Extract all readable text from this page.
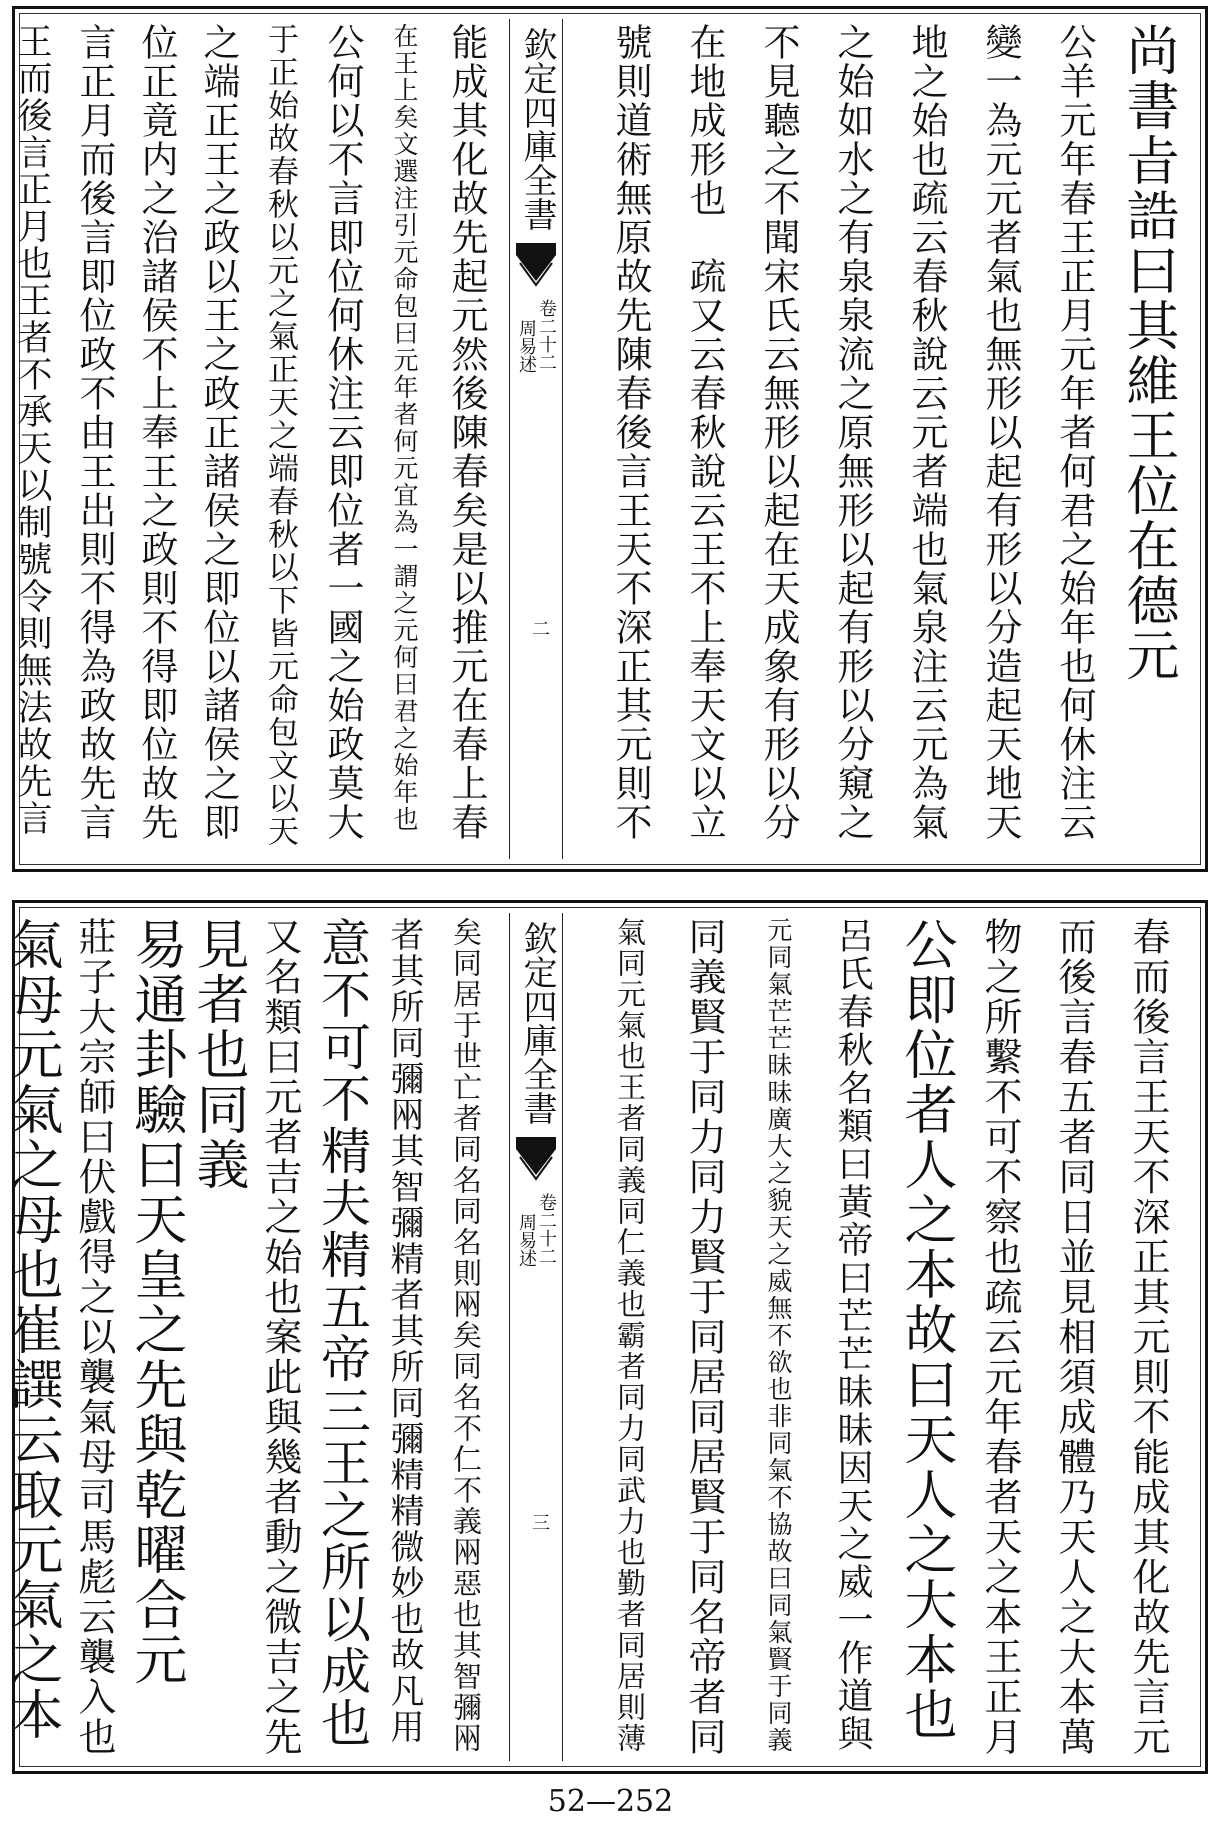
欽定四庫全書
周易述 卷二十二
二	尚書㫖誥曰其維王位在德元
公羊元年春王正月元年者何君之始年也何休注云
變一為元元者氣也無形以起有形以分造起天地天
地之始也疏云春秋說云元者端也氣泉注云元為氣
之始如水之有泉泉流之原無形以起有形以分窺之
不見聽之不聞宋氏云無形以起在天成象有形以分
在地成形也　疏又云春秋說云王不上奉天文以立
號則道術無原故先陳春後言王天不深正其元則不
能成其化故先起元然後陳春矣是以推元在春上春
在王上矣文選注引元命包曰元年者何元宜為一謂之元何曰君之始年也
公何以不言即位何休注云即位者一國之始政莫大
于正始故春秋以元之氣正天之端春秋以下皆元命包文以天
之端正王之政以王之政正諸侯之即位以諸侯之即
位正竟内之治諸侯不上奉王之政則不得即位故先
言正月而後言即位政不由王出則不得為政故先言
王而後言正月也王者不承天以制號令則無法故先言
欽定四庫全書
周易述 卷二十二
三	春而後言王天不深正其元則不能成其化故先言元
而後言春五者同日並見相須成體乃天人之大本萬
物之所繫不可不察也疏云元年春者天之本王正月
公即位者人之本故曰天人之大本也
呂氏春秋名類曰黃帝曰芒芒昧昧因天之威一作道與
元同氣芒芒昧昧廣大之貌天之威無不欲也非同氣不協故曰同氣賢于同義
同義賢于同力同力賢于同居同居賢于同名帝者同
氣同元氣也王者同義同仁義也霸者同力同武力也勤者同居則薄
矣同居于世亡者同名同名則㒳矣同名不仁不義㒳惡也其智彌㒳
者其所同彌㒳其智彌精者其所同彌精精微妙也故凡用
意不可不精夫精五帝三王之所以成也
又名類曰元者吉之始也案此與幾者動之微吉之先
見者也同義
易通卦驗曰天皇之先與乾曜合元
莊子大宗師曰伏戲得之以襲氣母司馬彪云襲入也
氣母元氣之母也崔譔云取元氣之本
52—252
